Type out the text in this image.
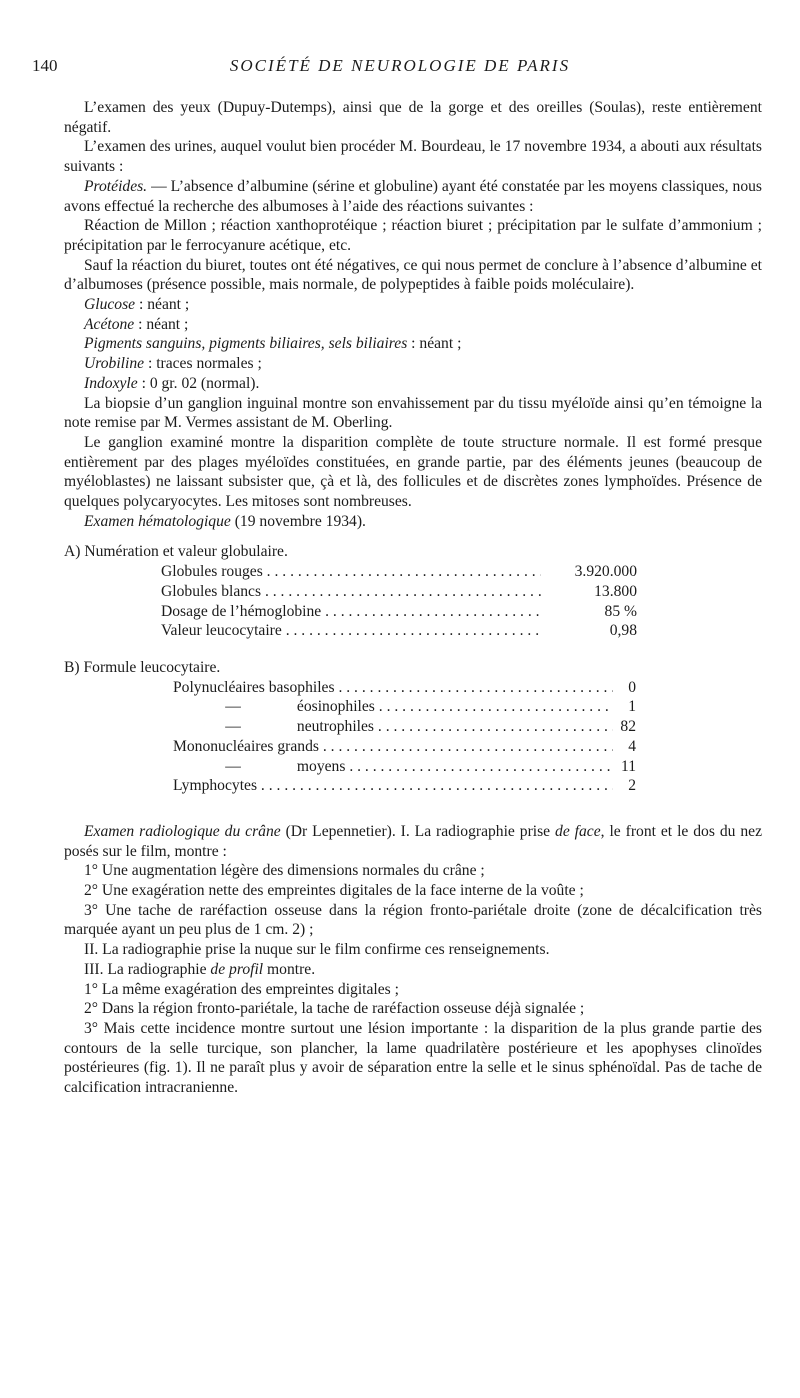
140	SOCIÉTÉ DE NEUROLOGIE DE PARIS

L’examen des yeux (Dupuy-Dutemps), ainsi que de la gorge et des oreilles (Soulas), reste entièrement négatif.

L’examen des urines, auquel voulut bien procéder M. Bourdeau, le 17 novembre 1934, a abouti aux résultats suivants :

Protéides. — L’absence d’albumine (sérine et globuline) ayant été constatée par les moyens classiques, nous avons effectué la recherche des albumoses à l’aide des réactions suivantes :

Réaction de Millon ; réaction xanthoprotéique ; réaction biuret ; précipitation par le sulfate d’ammonium ; précipitation par le ferrocyanure acétique, etc.

Sauf la réaction du biuret, toutes ont été négatives, ce qui nous permet de conclure à l’absence d’albumine et d’albumoses (présence possible, mais normale, de polypeptides à faible poids moléculaire).

Glucose : néant ;

Acétone : néant ;

Pigments sanguins, pigments biliaires, sels biliaires : néant ;

Urobiline : traces normales ;

Indoxyle : 0 gr. 02 (normal).

La biopsie d’un ganglion inguinal montre son envahissement par du tissu myéloïde ainsi qu’en témoigne la note remise par M. Vermes assistant de M. Oberling.

Le ganglion examiné montre la disparition complète de toute structure normale. Il est formé presque entièrement par des plages myéloïdes constituées, en grande partie, par des éléments jeunes (beaucoup de myéloblastes) ne laissant subsister que, çà et là, des follicules et de discrètes zones lymphoïdes. Présence de quelques polycaryocytes. Les mitoses sont nombreuses.

Examen hématologique (19 novembre 1934).

A) Numération et valeur globulaire.

Globules rouges . . .	3.920.000
Globules blancs . . .	13.800
Dosage de l’hémoglobine . . .	85 %
Valeur leucocytaire . . .	0,98

B) Formule leucocytaire.

Polynucléaires basophiles . . .	0
—	éosinophiles . . .	1
—	neutrophiles . . .	82
Mononucléaires grands . . .	4
—	moyens . . .	11
Lymphocytes . . .	2

Examen radiologique du crâne (Dr Lepennetier). I. La radiographie prise de face, le front et le dos du nez posés sur le film, montre :

1° Une augmentation légère des dimensions normales du crâne ;

2° Une exagération nette des empreintes digitales de la face interne de la voûte ;

3° Une tache de raréfaction osseuse dans la région fronto-pariétale droite (zone de décalcification très marquée ayant un peu plus de 1 cm. 2) ;

II. La radiographie prise la nuque sur le film confirme ces renseignements.

III. La radiographie de profil montre.

1° La même exagération des empreintes digitales ;

2° Dans la région fronto-pariétale, la tache de raréfaction osseuse déjà signalée ;

3° Mais cette incidence montre surtout une lésion importante : la disparition de la plus grande partie des contours de la selle turcique, son plancher, la lame quadrilatère postérieure et les apophyses clinoïdes postérieures (fig. 1). Il ne paraît plus y avoir de séparation entre la selle et le sinus sphénoïdal. Pas de tache de calcification intracranienne.
